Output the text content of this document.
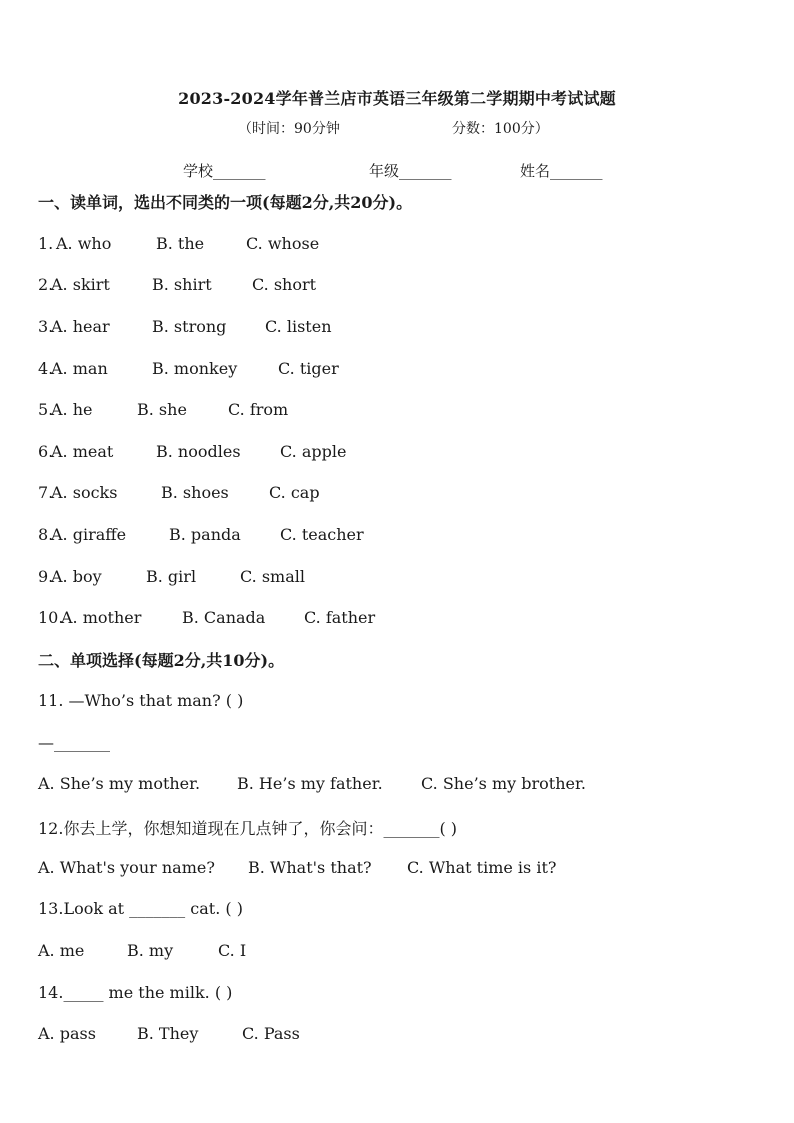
2023-2024学年普兰店市英语三年级第二学期期中考试试题
（时间：90分钟	分数：100分）
学校_______	年级_______	姓名_______
一、读单词，选出不同类的一项(每题2分,共20分)。
1. A. who	B. the	C. whose
2.
A. skirt	B. shirt	C. short
3.
A. hear	B. strong C. listen
4.
A. man	B. monkey	C. tiger
5.
A. he	B. she	C. from
6.
A. meat	B. noodles C. apple
7.
A. socks	B. shoes	C. cap
8.
A. giraffe	B. panda C. teacher
9.
A. boy	B. girl	C. small
10.
A. mother	B. Canada C. father
二、单项选择(每题2分,共10分)。
11. —Who’s that man? ( )
—_______
A. She’s my mother. B. He’s my father. C. She’s my brother.
12.你去上学，你想知道现在几点钟了，你会问：_______( )
A. What's your name? B. What's that? C. What time is it?
13.Look at _______ cat. ( )
A. me	B. my	C. I
14._____ me the milk. ( )
A. pass	B. They	C. Pass
